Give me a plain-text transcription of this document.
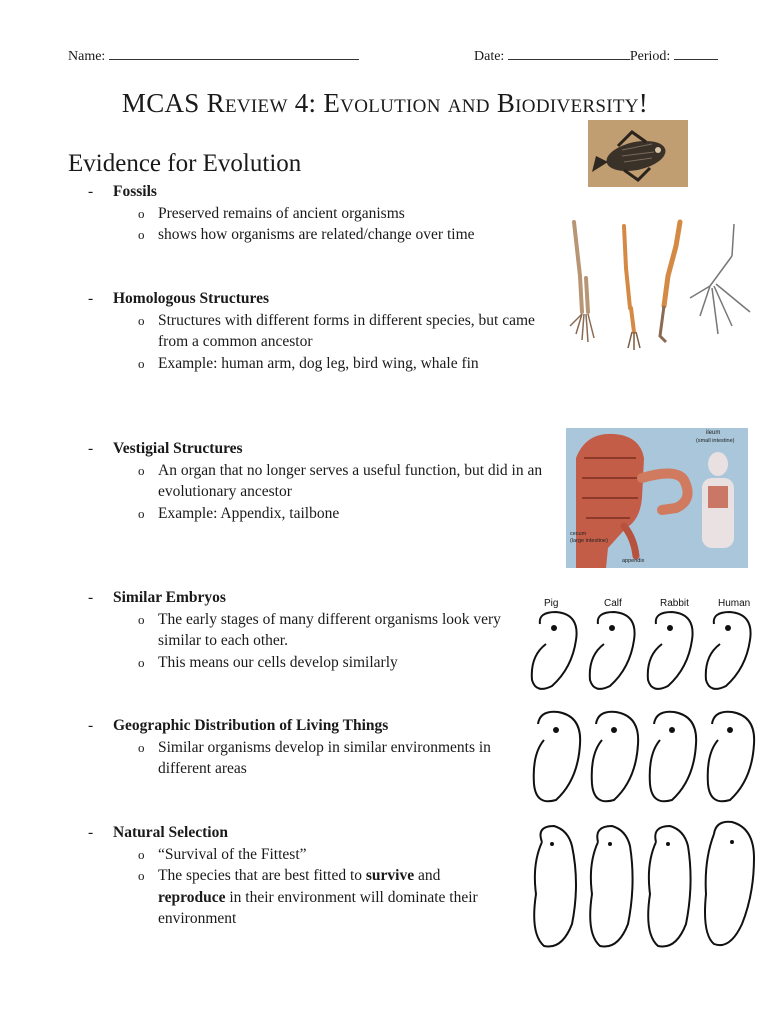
Name:	Date:	Period:
MCAS Review 4: Evolution and Biodiversity!
Evidence for Evolution
- Fossils
o Preserved remains of ancient organisms
o shows how organisms are related/change over time
- Homologous Structures
o Structures with different forms in different species, but came from a common ancestor
o Example: human arm, dog leg, bird wing, whale fin
- Vestigial Structures
o An organ that no longer serves a useful function, but did in an evolutionary ancestor
o Example: Appendix, tailbone
- Similar Embryos
o The early stages of many different organisms look very similar to each other.
o This means our cells develop similarly
- Geographic Distribution of Living Things
o Similar organisms develop in similar environments in different areas
- Natural Selection
o “Survival of the Fittest”
o The species that are best fitted to survive and reproduce in their environment will dominate their environment
ileum
(small intestine)
cecum
(large intestine)
appendix
Pig	Calf	Rabbit	Human
